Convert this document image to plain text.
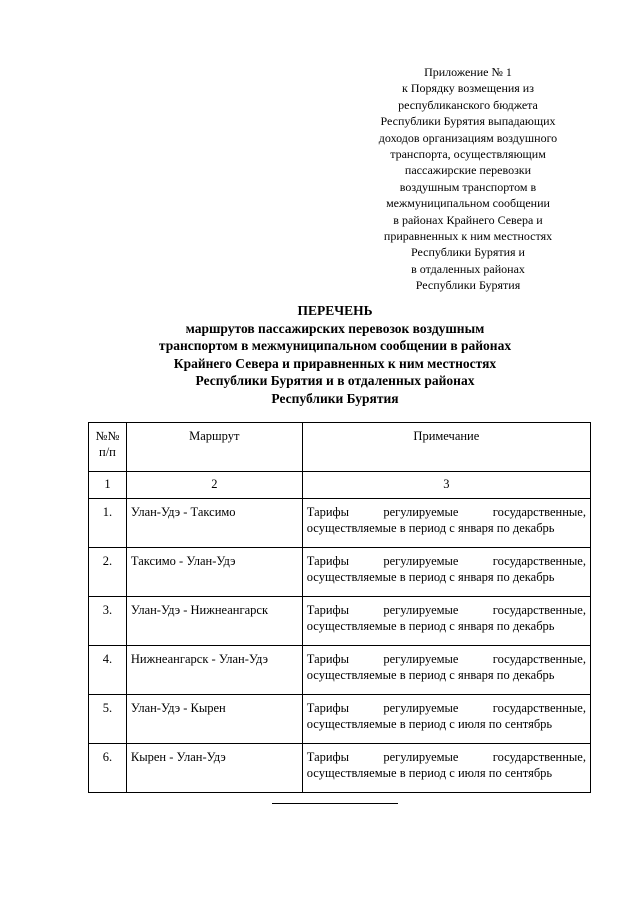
Приложение № 1
к Порядку возмещения из
республиканского бюджета
Республики Бурятия выпадающих
доходов организациям воздушного
транспорта, осуществляющим
пассажирские перевозки
воздушным транспортом в
межмуниципальном сообщении
в районах Крайнего Севера и
приравненных к ним местностях
Республики Бурятия и
в отдаленных районах
Республики Бурятия
ПЕРЕЧЕНЬ
маршрутов пассажирских перевозок воздушным
транспортом в межмуниципальном сообщении в районах
Крайнего Севера и приравненных к ним местностях
Республики Бурятия и в отдаленных районах
Республики Бурятия
№№
п/п	Маршрут	Примечание
1	2	3
1.	Улан-Удэ - Таксимо	Тарифы регулируемые государственные, осуществляемые в период с января по декабрь
2.	Таксимо - Улан-Удэ	Тарифы регулируемые государственные, осуществляемые в период с января по декабрь
3.	Улан-Удэ - Нижнеангарск	Тарифы регулируемые государственные, осуществляемые в период с января по декабрь
4.	Нижнеангарск - Улан-Удэ	Тарифы регулируемые государственные, осуществляемые в период с января по декабрь
5.	Улан-Удэ - Кырен	Тарифы регулируемые государственные, осуществляемые в период с июля по сентябрь
6.	Кырен - Улан-Удэ	Тарифы регулируемые государственные, осуществляемые в период с июля по сентябрь
